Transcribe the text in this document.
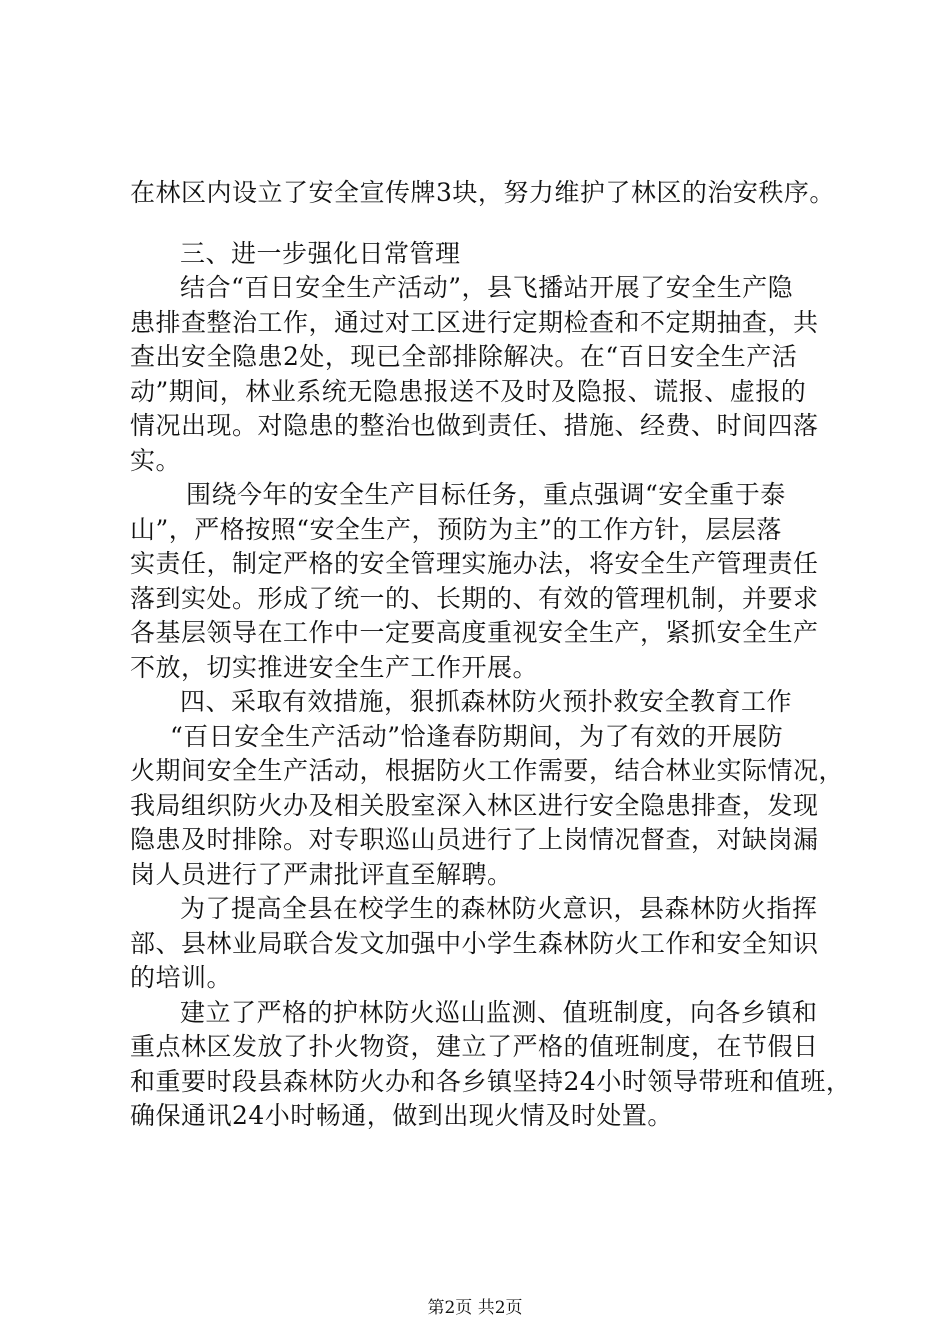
在林区内设立了安全宣传牌3块，努力维护了林区的治安秩序。
三、进一步强化日常管理
结合“百日安全生产活动”，县飞播站开展了安全生产隐
患排查整治工作，通过对工区进行定期检查和不定期抽查，共
查出安全隐患2处，现已全部排除解决。在“百日安全生产活
动”期间，林业系统无隐患报送不及时及隐报、谎报、虚报的
情况出现。对隐患的整治也做到责任、措施、经费、时间四落
实。
围绕今年的安全生产目标任务，重点强调“安全重于泰
山”，严格按照“安全生产，预防为主”的工作方针，层层落
实责任，制定严格的安全管理实施办法，将安全生产管理责任
落到实处。形成了统一的、长期的、有效的管理机制，并要求
各基层领导在工作中一定要高度重视安全生产，紧抓安全生产
不放，切实推进安全生产工作开展。
四、采取有效措施，狠抓森林防火预扑救安全教育工作
“百日安全生产活动”恰逢春防期间，为了有效的开展防
火期间安全生产活动，根据防火工作需要，结合林业实际情况，
我局组织防火办及相关股室深入林区进行安全隐患排查，发现
隐患及时排除。对专职巡山员进行了上岗情况督查，对缺岗漏
岗人员进行了严肃批评直至解聘。
为了提高全县在校学生的森林防火意识，县森林防火指挥
部、县林业局联合发文加强中小学生森林防火工作和安全知识
的培训。
建立了严格的护林防火巡山监测、值班制度，向各乡镇和
重点林区发放了扑火物资，建立了严格的值班制度，在节假日
和重要时段县森林防火办和各乡镇坚持24小时领导带班和值班，
确保通讯24小时畅通，做到出现火情及时处置。
第2页 共2页
